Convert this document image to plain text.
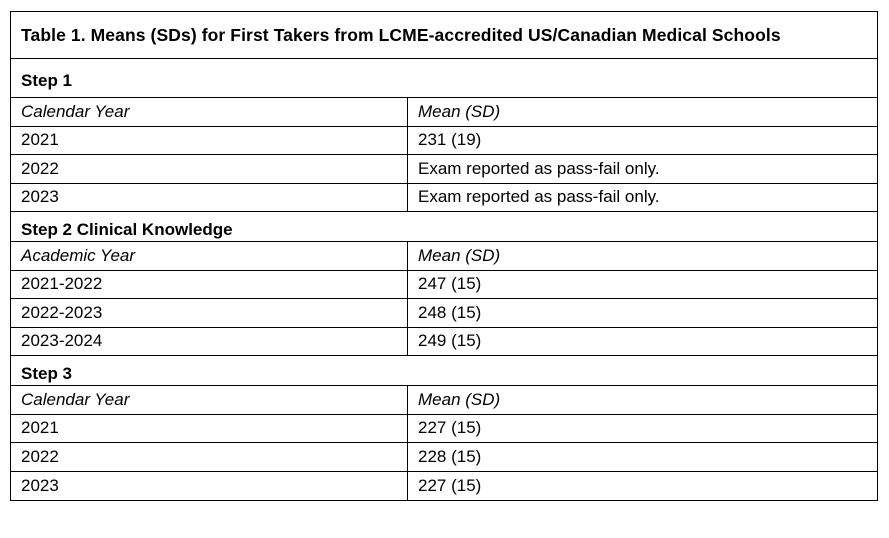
Table 1. Means (SDs) for First Takers from LCME-accredited US/Canadian Medical Schools
Step 1
Calendar Year	Mean (SD)
2021	231 (19)
2022	Exam reported as pass-fail only.
2023	Exam reported as pass-fail only.
Step 2 Clinical Knowledge
Academic Year	Mean (SD)
2021-2022	247 (15)
2022-2023	248 (15)
2023-2024	249 (15)
Step 3
Calendar Year	Mean (SD)
2021	227 (15)
2022	228 (15)
2023	227 (15)
